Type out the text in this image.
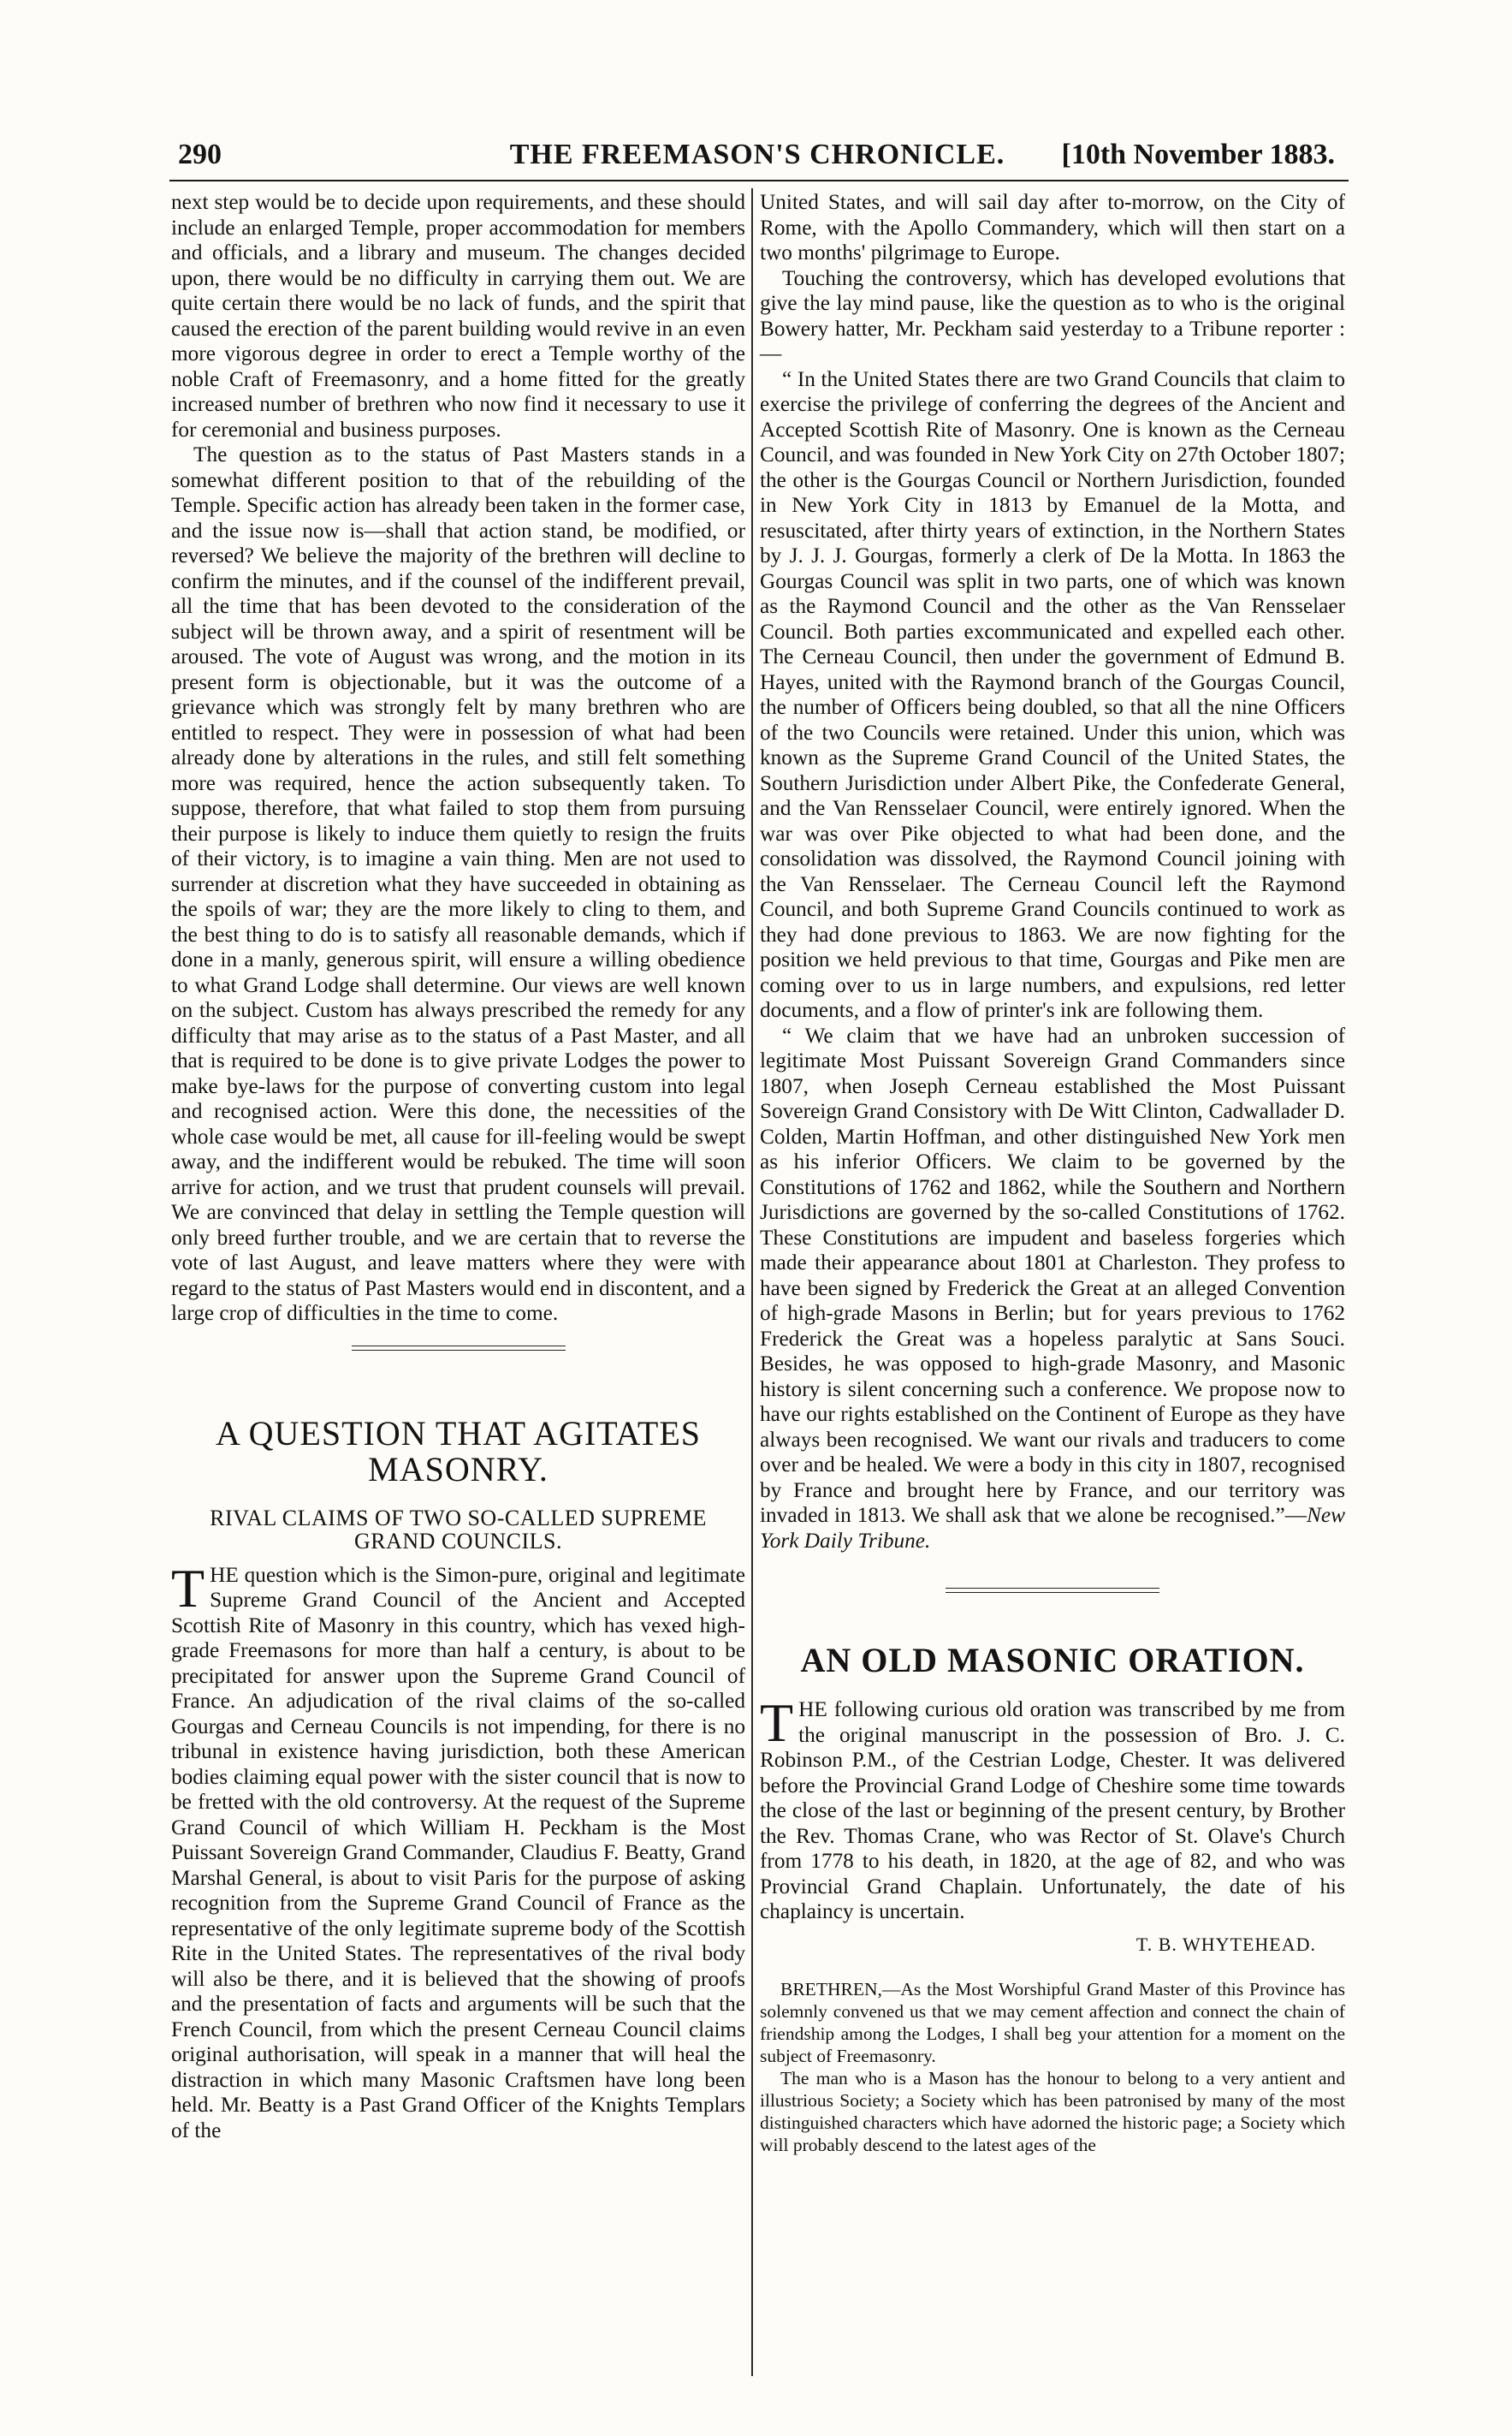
290	THE FREEMASON'S CHRONICLE.	[10th November 1883.

next step would be to decide upon requirements, and these should include an enlarged Temple, proper accommodation for members and officials, and a library and museum. The changes decided upon, there would be no difficulty in carrying them out. We are quite certain there would be no lack of funds, and the spirit that caused the erection of the parent building would revive in an even more vigorous degree in order to erect a Temple worthy of the noble Craft of Freemasonry, and a home fitted for the greatly increased number of brethren who now find it necessary to use it for ceremonial and business purposes.

The question as to the status of Past Masters stands in a somewhat different position to that of the rebuilding of the Temple. Specific action has already been taken in the former case, and the issue now is—shall that action stand, be modified, or reversed? We believe the majority of the brethren will decline to confirm the minutes, and if the counsel of the indifferent prevail, all the time that has been devoted to the consideration of the subject will be thrown away, and a spirit of resentment will be aroused. The vote of August was wrong, and the motion in its present form is objectionable, but it was the outcome of a grievance which was strongly felt by many brethren who are entitled to respect. They were in possession of what had been already done by alterations in the rules, and still felt something more was required, hence the action subsequently taken. To suppose, therefore, that what failed to stop them from pursuing their purpose is likely to induce them quietly to resign the fruits of their victory, is to imagine a vain thing. Men are not used to surrender at discretion what they have succeeded in obtaining as the spoils of war; they are the more likely to cling to them, and the best thing to do is to satisfy all reasonable demands, which if done in a manly, generous spirit, will ensure a willing obedience to what Grand Lodge shall determine. Our views are well known on the subject. Custom has always prescribed the remedy for any difficulty that may arise as to the status of a Past Master, and all that is required to be done is to give private Lodges the power to make bye-laws for the purpose of converting custom into legal and recognised action. Were this done, the necessities of the whole case would be met, all cause for ill-feeling would be swept away, and the indifferent would be rebuked. The time will soon arrive for action, and we trust that prudent counsels will prevail. We are convinced that delay in settling the Temple question will only breed further trouble, and we are certain that to reverse the vote of last August, and leave matters where they were with regard to the status of Past Masters would end in discontent, and a large crop of difficulties in the time to come.

A QUESTION THAT AGITATES MASONRY.
RIVAL CLAIMS OF TWO SO-CALLED SUPREME GRAND COUNCILS.

THE question which is the Simon-pure, original and legitimate Supreme Grand Council of the Ancient and Accepted Scottish Rite of Masonry in this country, which has vexed high-grade Freemasons for more than half a century, is about to be precipitated for answer upon the Supreme Grand Council of France. An adjudication of the rival claims of the so-called Gourgas and Cerneau Councils is not impending, for there is no tribunal in existence having jurisdiction, both these American bodies claiming equal power with the sister council that is now to be fretted with the old controversy. At the request of the Supreme Grand Council of which William H. Peckham is the Most Puissant Sovereign Grand Commander, Claudius F. Beatty, Grand Marshal General, is about to visit Paris for the purpose of asking recognition from the Supreme Grand Council of France as the representative of the only legitimate supreme body of the Scottish Rite in the United States. The representatives of the rival body will also be there, and it is believed that the showing of proofs and the presentation of facts and arguments will be such that the French Council, from which the present Cerneau Council claims original authorisation, will speak in a manner that will heal the distraction in which many Masonic Craftsmen have long been held. Mr. Beatty is a Past Grand Officer of the Knights Templars of the

United States, and will sail day after to-morrow, on the City of Rome, with the Apollo Commandery, which will then start on a two months' pilgrimage to Europe.

Touching the controversy, which has developed evolutions that give the lay mind pause, like the question as to who is the original Bowery hatter, Mr. Peckham said yesterday to a Tribune reporter :—

“ In the United States there are two Grand Councils that claim to exercise the privilege of conferring the degrees of the Ancient and Accepted Scottish Rite of Masonry. One is known as the Cerneau Council, and was founded in New York City on 27th October 1807; the other is the Gourgas Council or Northern Jurisdiction, founded in New York City in 1813 by Emanuel de la Motta, and resuscitated, after thirty years of extinction, in the Northern States by J. J. J. Gourgas, formerly a clerk of De la Motta. In 1863 the Gourgas Council was split in two parts, one of which was known as the Raymond Council and the other as the Van Rensselaer Council. Both parties excommunicated and expelled each other. The Cerneau Council, then under the government of Edmund B. Hayes, united with the Raymond branch of the Gourgas Council, the number of Officers being doubled, so that all the nine Officers of the two Councils were retained. Under this union, which was known as the Supreme Grand Council of the United States, the Southern Jurisdiction under Albert Pike, the Confederate General, and the Van Rensselaer Council, were entirely ignored. When the war was over Pike objected to what had been done, and the consolidation was dissolved, the Raymond Council joining with the Van Rensselaer. The Cerneau Council left the Raymond Council, and both Supreme Grand Councils continued to work as they had done previous to 1863. We are now fighting for the position we held previous to that time, Gourgas and Pike men are coming over to us in large numbers, and expulsions, red letter documents, and a flow of printer's ink are following them.

“ We claim that we have had an unbroken succession of legitimate Most Puissant Sovereign Grand Commanders since 1807, when Joseph Cerneau established the Most Puissant Sovereign Grand Consistory with De Witt Clinton, Cadwallader D. Colden, Martin Hoffman, and other distinguished New York men as his inferior Officers. We claim to be governed by the Constitutions of 1762 and 1862, while the Southern and Northern Jurisdictions are governed by the so-called Constitutions of 1762. These Constitutions are impudent and baseless forgeries which made their appearance about 1801 at Charleston. They profess to have been signed by Frederick the Great at an alleged Convention of high-grade Masons in Berlin; but for years previous to 1762 Frederick the Great was a hopeless paralytic at Sans Souci. Besides, he was opposed to high-grade Masonry, and Masonic history is silent concerning such a conference. We propose now to have our rights established on the Continent of Europe as they have always been recognised. We want our rivals and traducers to come over and be healed. We were a body in this city in 1807, recognised by France and brought here by France, and our territory was invaded in 1813. We shall ask that we alone be recognised.”—New York Daily Tribune.

AN OLD MASONIC ORATION.

THE following curious old oration was transcribed by me from the original manuscript in the possession of Bro. J. C. Robinson P.M., of the Cestrian Lodge, Chester. It was delivered before the Provincial Grand Lodge of Cheshire some time towards the close of the last or beginning of the present century, by Brother the Rev. Thomas Crane, who was Rector of St. Olave's Church from 1778 to his death, in 1820, at the age of 82, and who was Provincial Grand Chaplain. Unfortunately, the date of his chaplaincy is uncertain.

T. B. WHYTEHEAD.

BRETHREN,—As the Most Worshipful Grand Master of this Province has solemnly convened us that we may cement affection and connect the chain of friendship among the Lodges, I shall beg your attention for a moment on the subject of Freemasonry.

The man who is a Mason has the honour to belong to a very antient and illustrious Society; a Society which has been patronised by many of the most distinguished characters which have adorned the historic page; a Society which will probably descend to the latest ages of the
